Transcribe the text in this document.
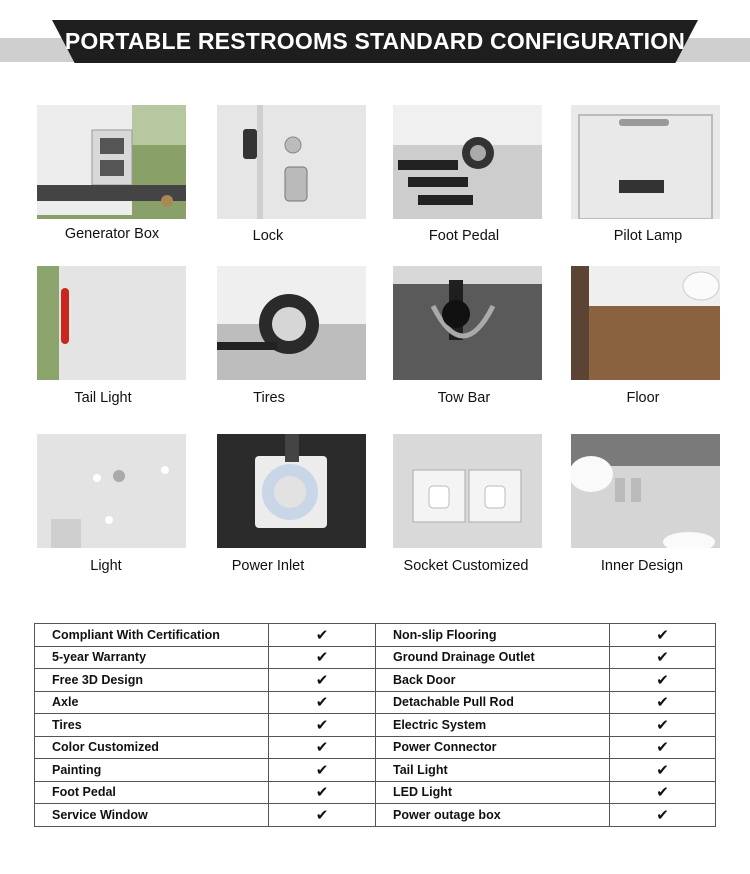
PORTABLE RESTROOMS STANDARD CONFIGURATION
Generator Box	Lock	Foot Pedal	Pilot Lamp
Tail Light	Tires	Tow Bar	Floor
Light	Power Inlet	Socket Customized	Inner Design
Compliant With Certification	✔	Non-slip Flooring	✔
5-year Warranty	✔	Ground Drainage Outlet	✔
Free 3D Design	✔	Back Door	✔
Axle	✔	Detachable Pull Rod	✔
Tires	✔	Electric System	✔
Color Customized	✔	Power Connector	✔
Painting	✔	Tail Light	✔
Foot Pedal	✔	LED Light	✔
Service Window	✔	Power outage box	✔
